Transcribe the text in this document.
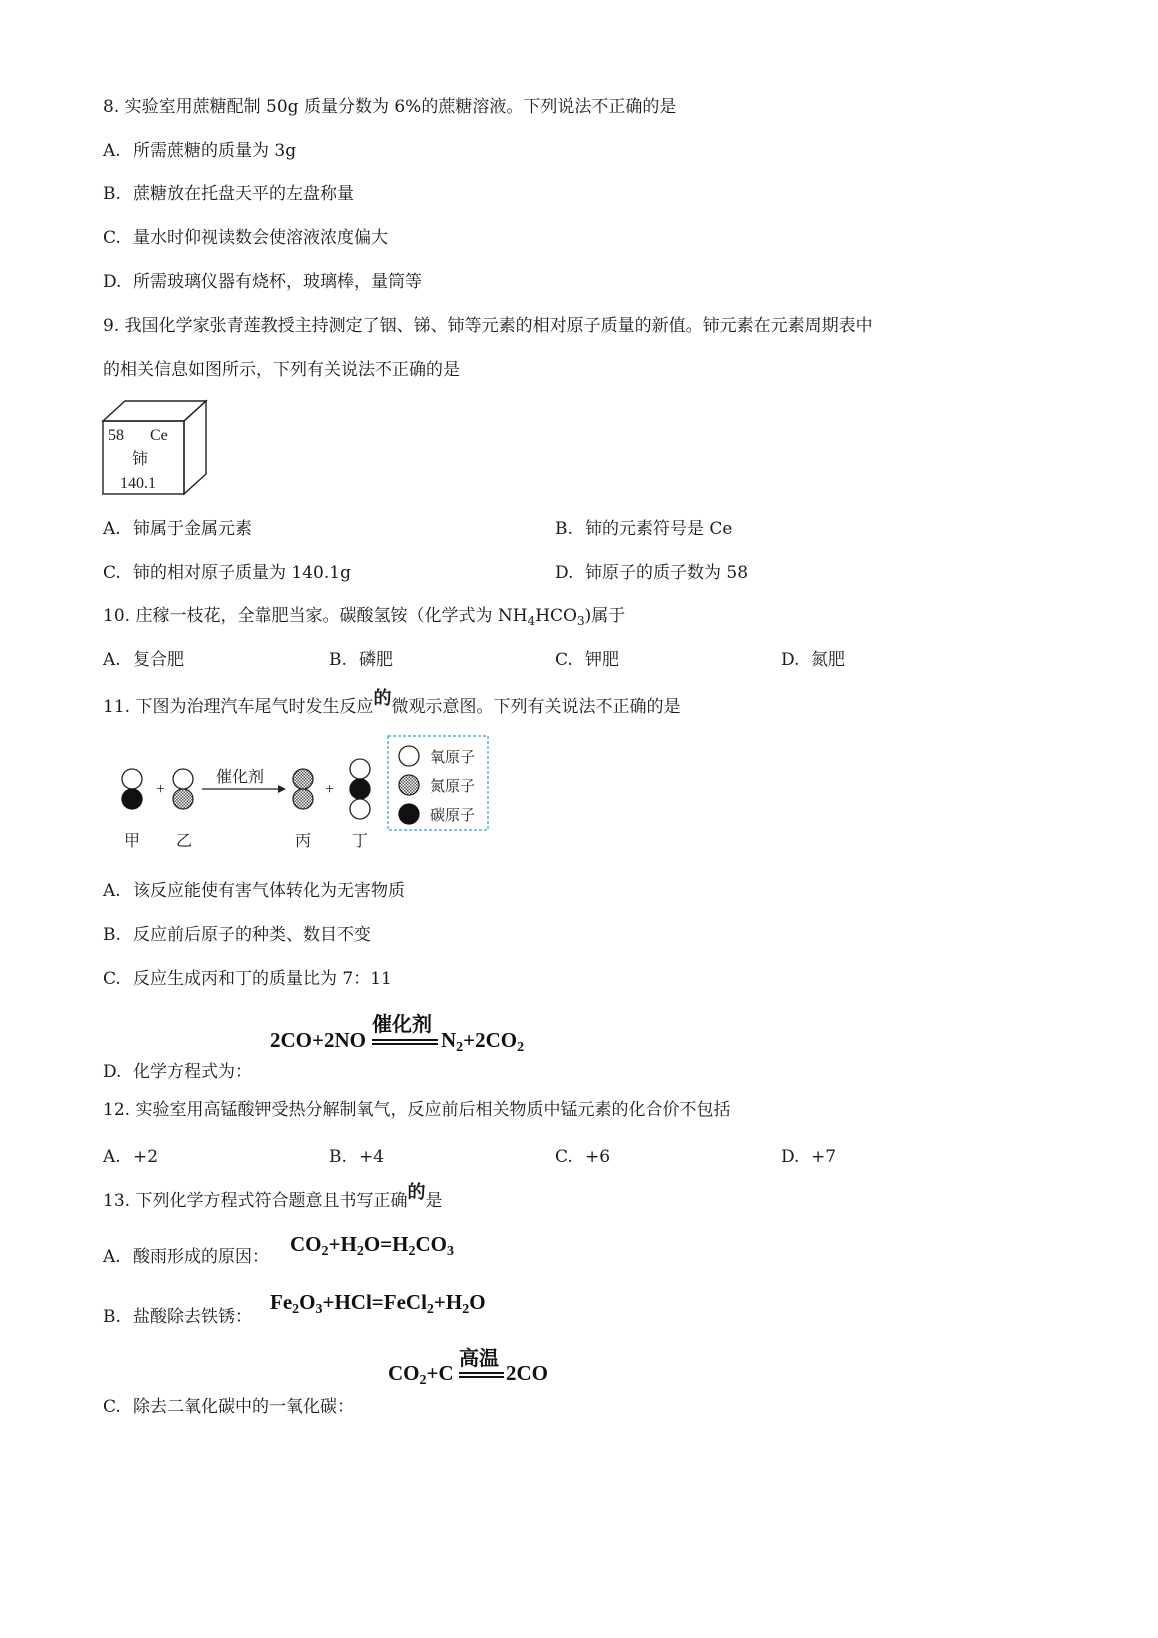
8. 实验室用蔗糖配制 50g 质量分数为 6%的蔗糖溶液。下列说法不正确的是
A. 所需蔗糖的质量为 3g
B. 蔗糖放在托盘天平的左盘称量
C. 量水时仰视读数会使溶液浓度偏大
D. 所需玻璃仪器有烧杯，玻璃棒，量筒等
9. 我国化学家张青莲教授主持测定了铟、锑、铈等元素的相对原子质量的新值。铈元素在元素周期表中
的相关信息如图所示，下列有关说法不正确的是
58 Ce
铈
140.1
A. 铈属于金属元素	B. 铈的元素符号是 Ce
C. 铈的相对原子质量为 140.1g	D. 铈原子的质子数为 58
10. 庄稼一枝花，全靠肥当家。碳酸氢铵（化学式为 $NH_4HCO_3$)属于
A. 复合肥	B. 磷肥	C. 钾肥	D. 氮肥
11. 下图为治理汽车尾气时发生反应的微观示意图。下列有关说法不正确的是
+
催化剂
+
甲 乙	丙	丁
氧原子
氮原子
碳原子
A. 该反应能使有害气体转化为无害物质
B. 反应前后原子的种类、数目不变
C. 反应生成丙和丁的质量比为 7：11
催化剂
2CO+2NO	$N_2+2CO_2$
D. 化学方程式为：
12. 实验室用高锰酸钾受热分解制氧气，反应前后相关物质中锰元素的化合价不包括
A. +2	B. +4	C. +6	D. +7
13. 下列化学方程式符合题意且书写正确的是
A. 酸雨形成的原因：
$CO_2+H_2O=H_2CO_3$
B. 盐酸除去铁锈：
$Fe_2O_3+HCl=FeCl_2+H_2O$
高温
$CO_2+C$ 2CO
C. 除去二氧化碳中的一氧化碳：
